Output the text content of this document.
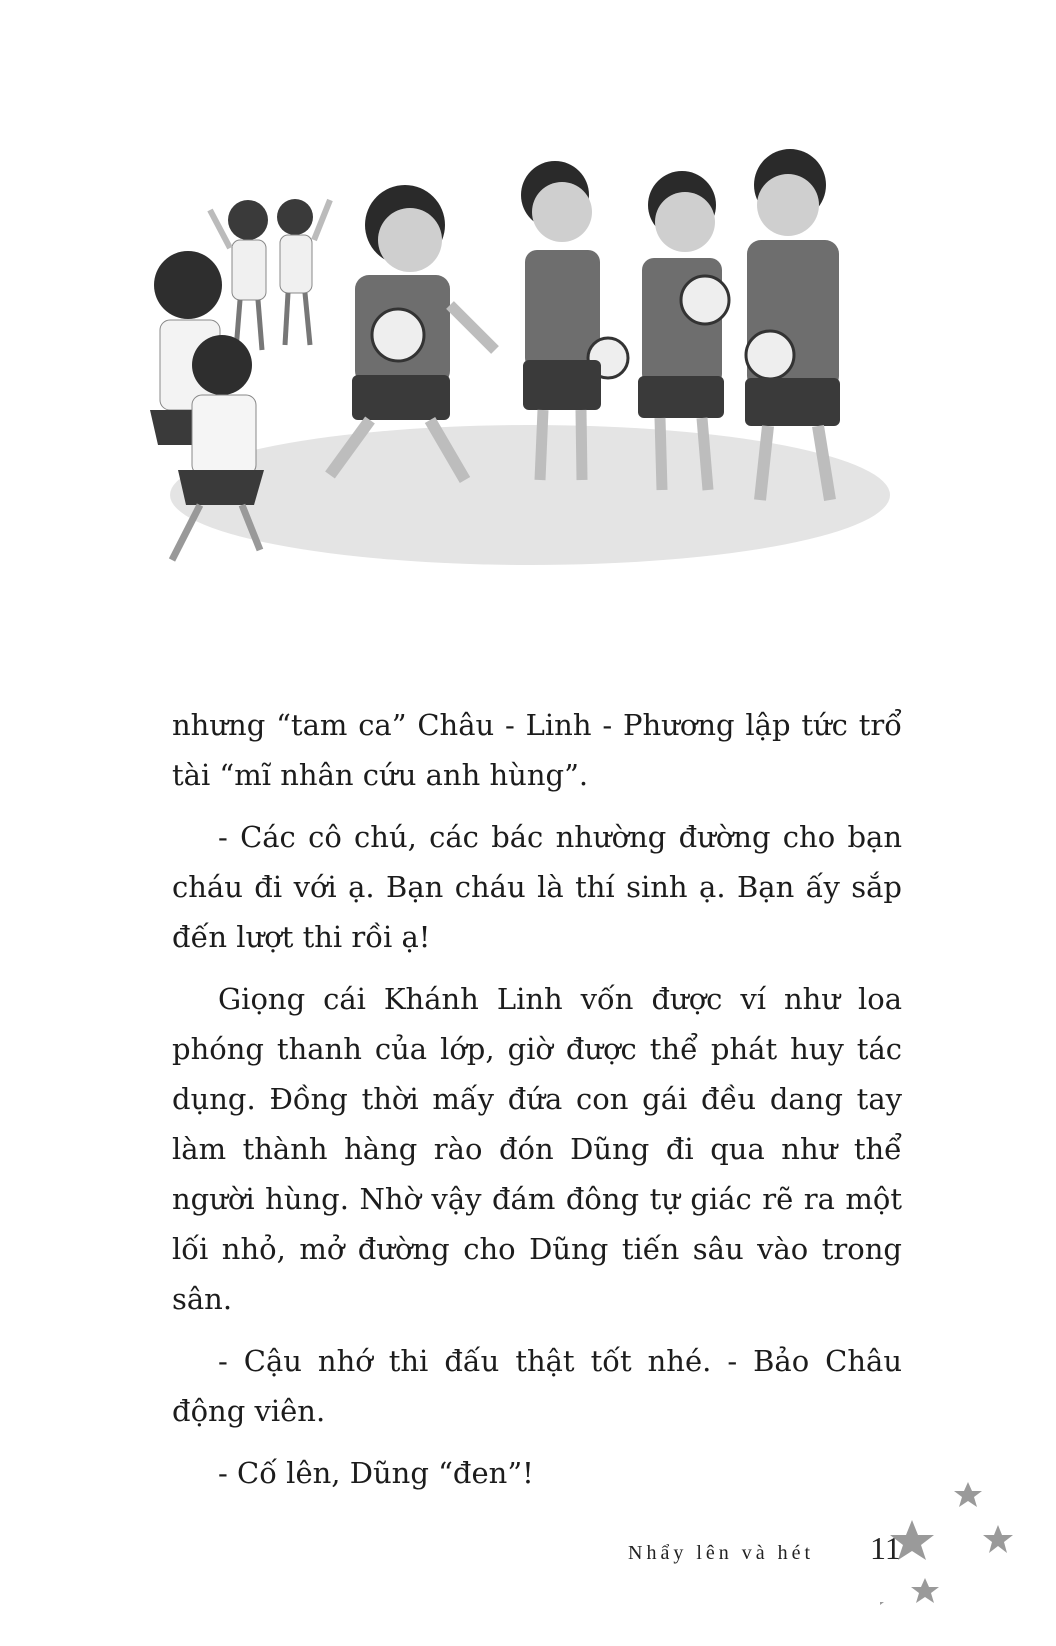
nhưng “tam ca” Châu - Linh - Phương lập tức trổ tài “mĩ nhân cứu anh hùng”.

- Các cô chú, các bác nhường đường cho bạn cháu đi với ạ. Bạn cháu là thí sinh ạ. Bạn ấy sắp đến lượt thi rồi ạ!

Giọng cái Khánh Linh vốn được ví như loa phóng thanh của lớp, giờ được thể phát huy tác dụng. Đồng thời mấy đứa con gái đều dang tay làm thành hàng rào đón Dũng đi qua như thể người hùng. Nhờ vậy đám đông tự giác rẽ ra một lối nhỏ, mở đường cho Dũng tiến sâu vào trong sân.

- Cậu nhớ thi đấu thật tốt nhé. - Bảo Châu động viên.

- Cố lên, Dũng “đen”!

Nhẩy lên và hét 11
